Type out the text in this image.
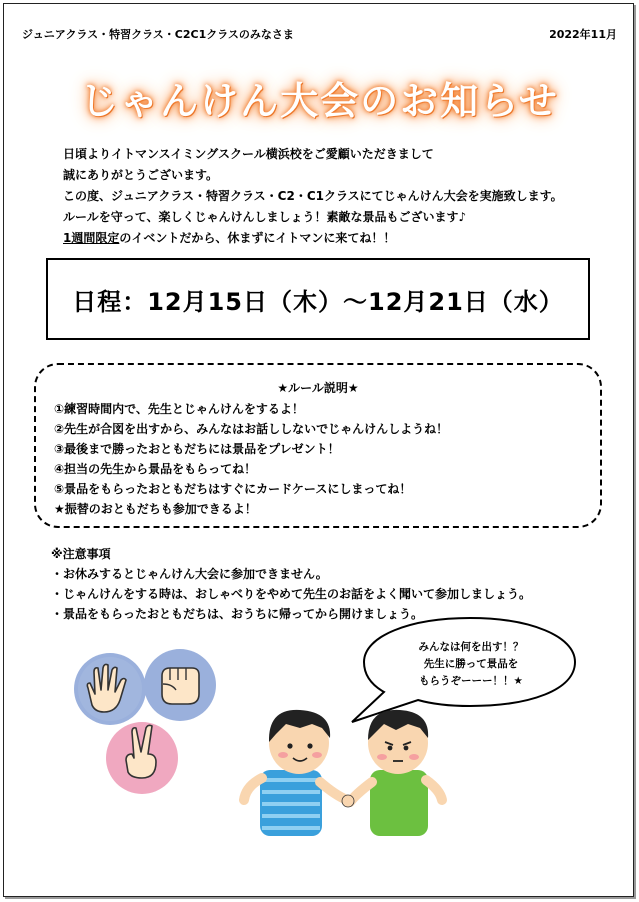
ジュニアクラス・特習クラス・C2C1クラスのみなさま	2022年11月
じゃんけん大会のお知らせ

日頃よりイトマンスイミングスクール横浜校をご愛顧いただきまして

誠にありがとうございます。

この度、ジュニアクラス・特習クラス・C2・C1クラスにてじゃんけん大会を実施致します。

ルールを守って、楽しくじゃんけんしましょう！素敵な景品もございます♪

1週間限定のイベントだから、休まずにイトマンに来てね！！

日程：12月15日（木）〜12月21日（水）
★ルール説明★
①練習時間内で、先生とじゃんけんをするよ！
②先生が合図を出すから、みんなはお話ししないでじゃんけんしようね！
③最後まで勝ったおともだちには景品をプレゼント！
④担当の先生から景品をもらってね！
⑤景品をもらったおともだちはすぐにカードケースにしまってね！
★振替のおともだちも参加できるよ！

※注意事項

・お休みするとじゃんけん大会に参加できません。

・じゃんけんをする時は、おしゃべりをやめて先生のお話をよく聞いて参加しましょう。

・景品をもらったおともだちは、おうちに帰ってから開けましょう。

みんなは何を出す！？

先生に勝って景品を

もらうぞーーー！！★
